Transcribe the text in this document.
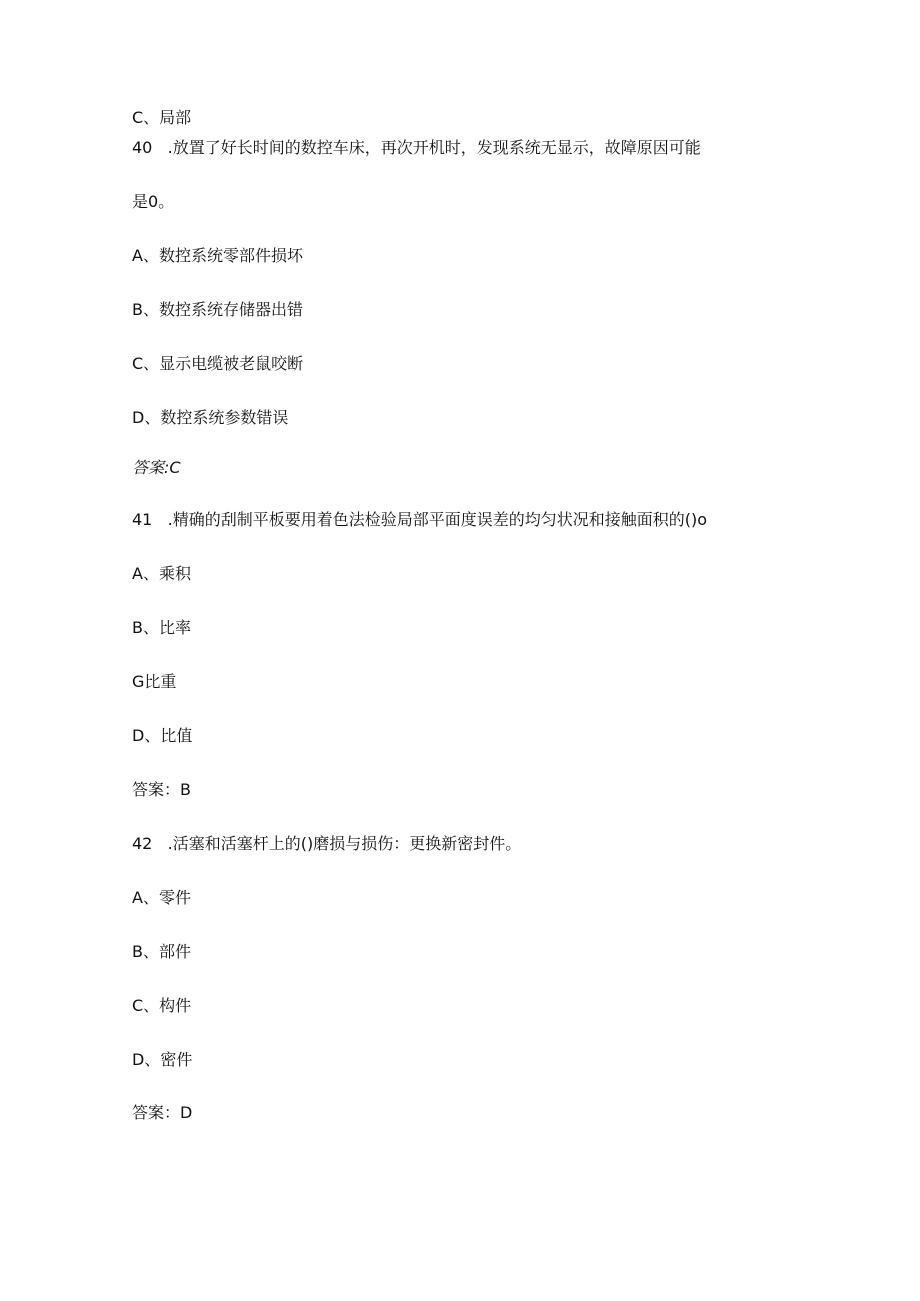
C、局部

40   .放置了好长时间的数控车床，再次开机时，发现系统无显示，故障原因可能

是0。

A、数控系统零部件损坏

B、数控系统存储器出错

C、显示电缆被老鼠咬断

D、数控系统参数错误

答案:C

41   .精确的刮制平板要用着色法检验局部平面度误差的均匀状况和接触面积的()o

A、乘积

B、比率

G比重

D、比值

答案：B

42   .活塞和活塞杆上的()磨损与损伤：更换新密封件。

A、零件

B、部件

C、构件

D、密件

答案：D
